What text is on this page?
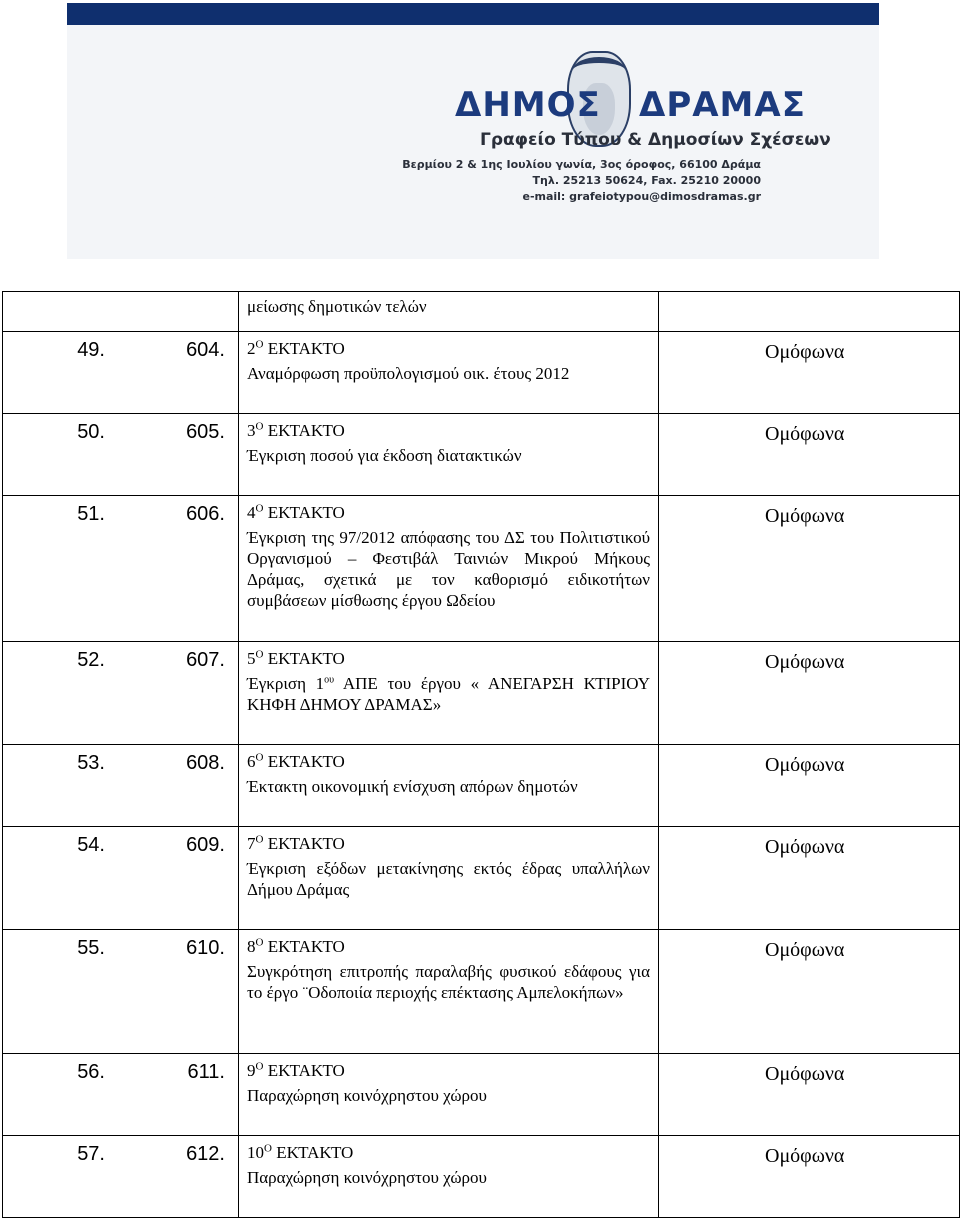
ΔΗΜΟΣ ΔΡΑΜΑΣ
Γραφείο Τύπου & Δημοσίων Σχέσεων
Βερμίου 2 & 1ης Ιουλίου γωνία, 3ος όροφος, 66100 Δράμα
Τηλ. 25213 50624, Fax. 25210 20000
e-mail: grafeiotypou@dimosdramas.gr

	μείωσης δημοτικών τελών	

49. 604.	$2^O$ ΕΚΤΑΚΤΟ
Αναμόρφωση προϋπολογισμού οικ. έτους 2012	Ομόφωνα

50. 605.	$3^O$ ΕΚΤΑΚΤΟ
Έγκριση ποσού για έκδοση διατακτικών	Ομόφωνα

51. 606.	$4^O$ ΕΚΤΑΚΤΟ
Έγκριση της 97/2012 απόφασης του ΔΣ του Πολιτιστικού Οργανισμού – Φεστιβάλ Ταινιών Μικρού Μήκους Δράμας, σχετικά με τον καθορισμό ειδικοτήτων συμβάσεων μίσθωσης έργου Ωδείου	Ομόφωνα

52. 607.	$5^O$ ΕΚΤΑΚΤΟ
Έγκριση $1^{o\upsilon}$ ΑΠΕ του έργου « ΑΝΕΓΑΡΣΗ ΚΤΙΡΙΟΥ ΚΗΦΗ ΔΗΜΟΥ ΔΡΑΜΑΣ»	Ομόφωνα

53. 608.	$6^O$ ΕΚΤΑΚΤΟ
Έκτακτη οικονομική ενίσχυση απόρων δημοτών	Ομόφωνα

54. 609.	$7^O$ ΕΚΤΑΚΤΟ
Έγκριση εξόδων μετακίνησης εκτός έδρας υπαλλήλων Δήμου Δράμας	Ομόφωνα

55. 610.	$8^O$ ΕΚΤΑΚΤΟ
Συγκρότηση επιτροπής παραλαβής φυσικού εδάφους για το έργο ¨Οδοποιία περιοχής επέκτασης Αμπελοκήπων»	Ομόφωνα

56. 611.	$9^O$ ΕΚΤΑΚΤΟ
Παραχώρηση κοινόχρηστου χώρου	Ομόφωνα

57. 612.	$10^O$ ΕΚΤΑΚΤΟ
Παραχώρηση κοινόχρηστου χώρου	Ομόφωνα
